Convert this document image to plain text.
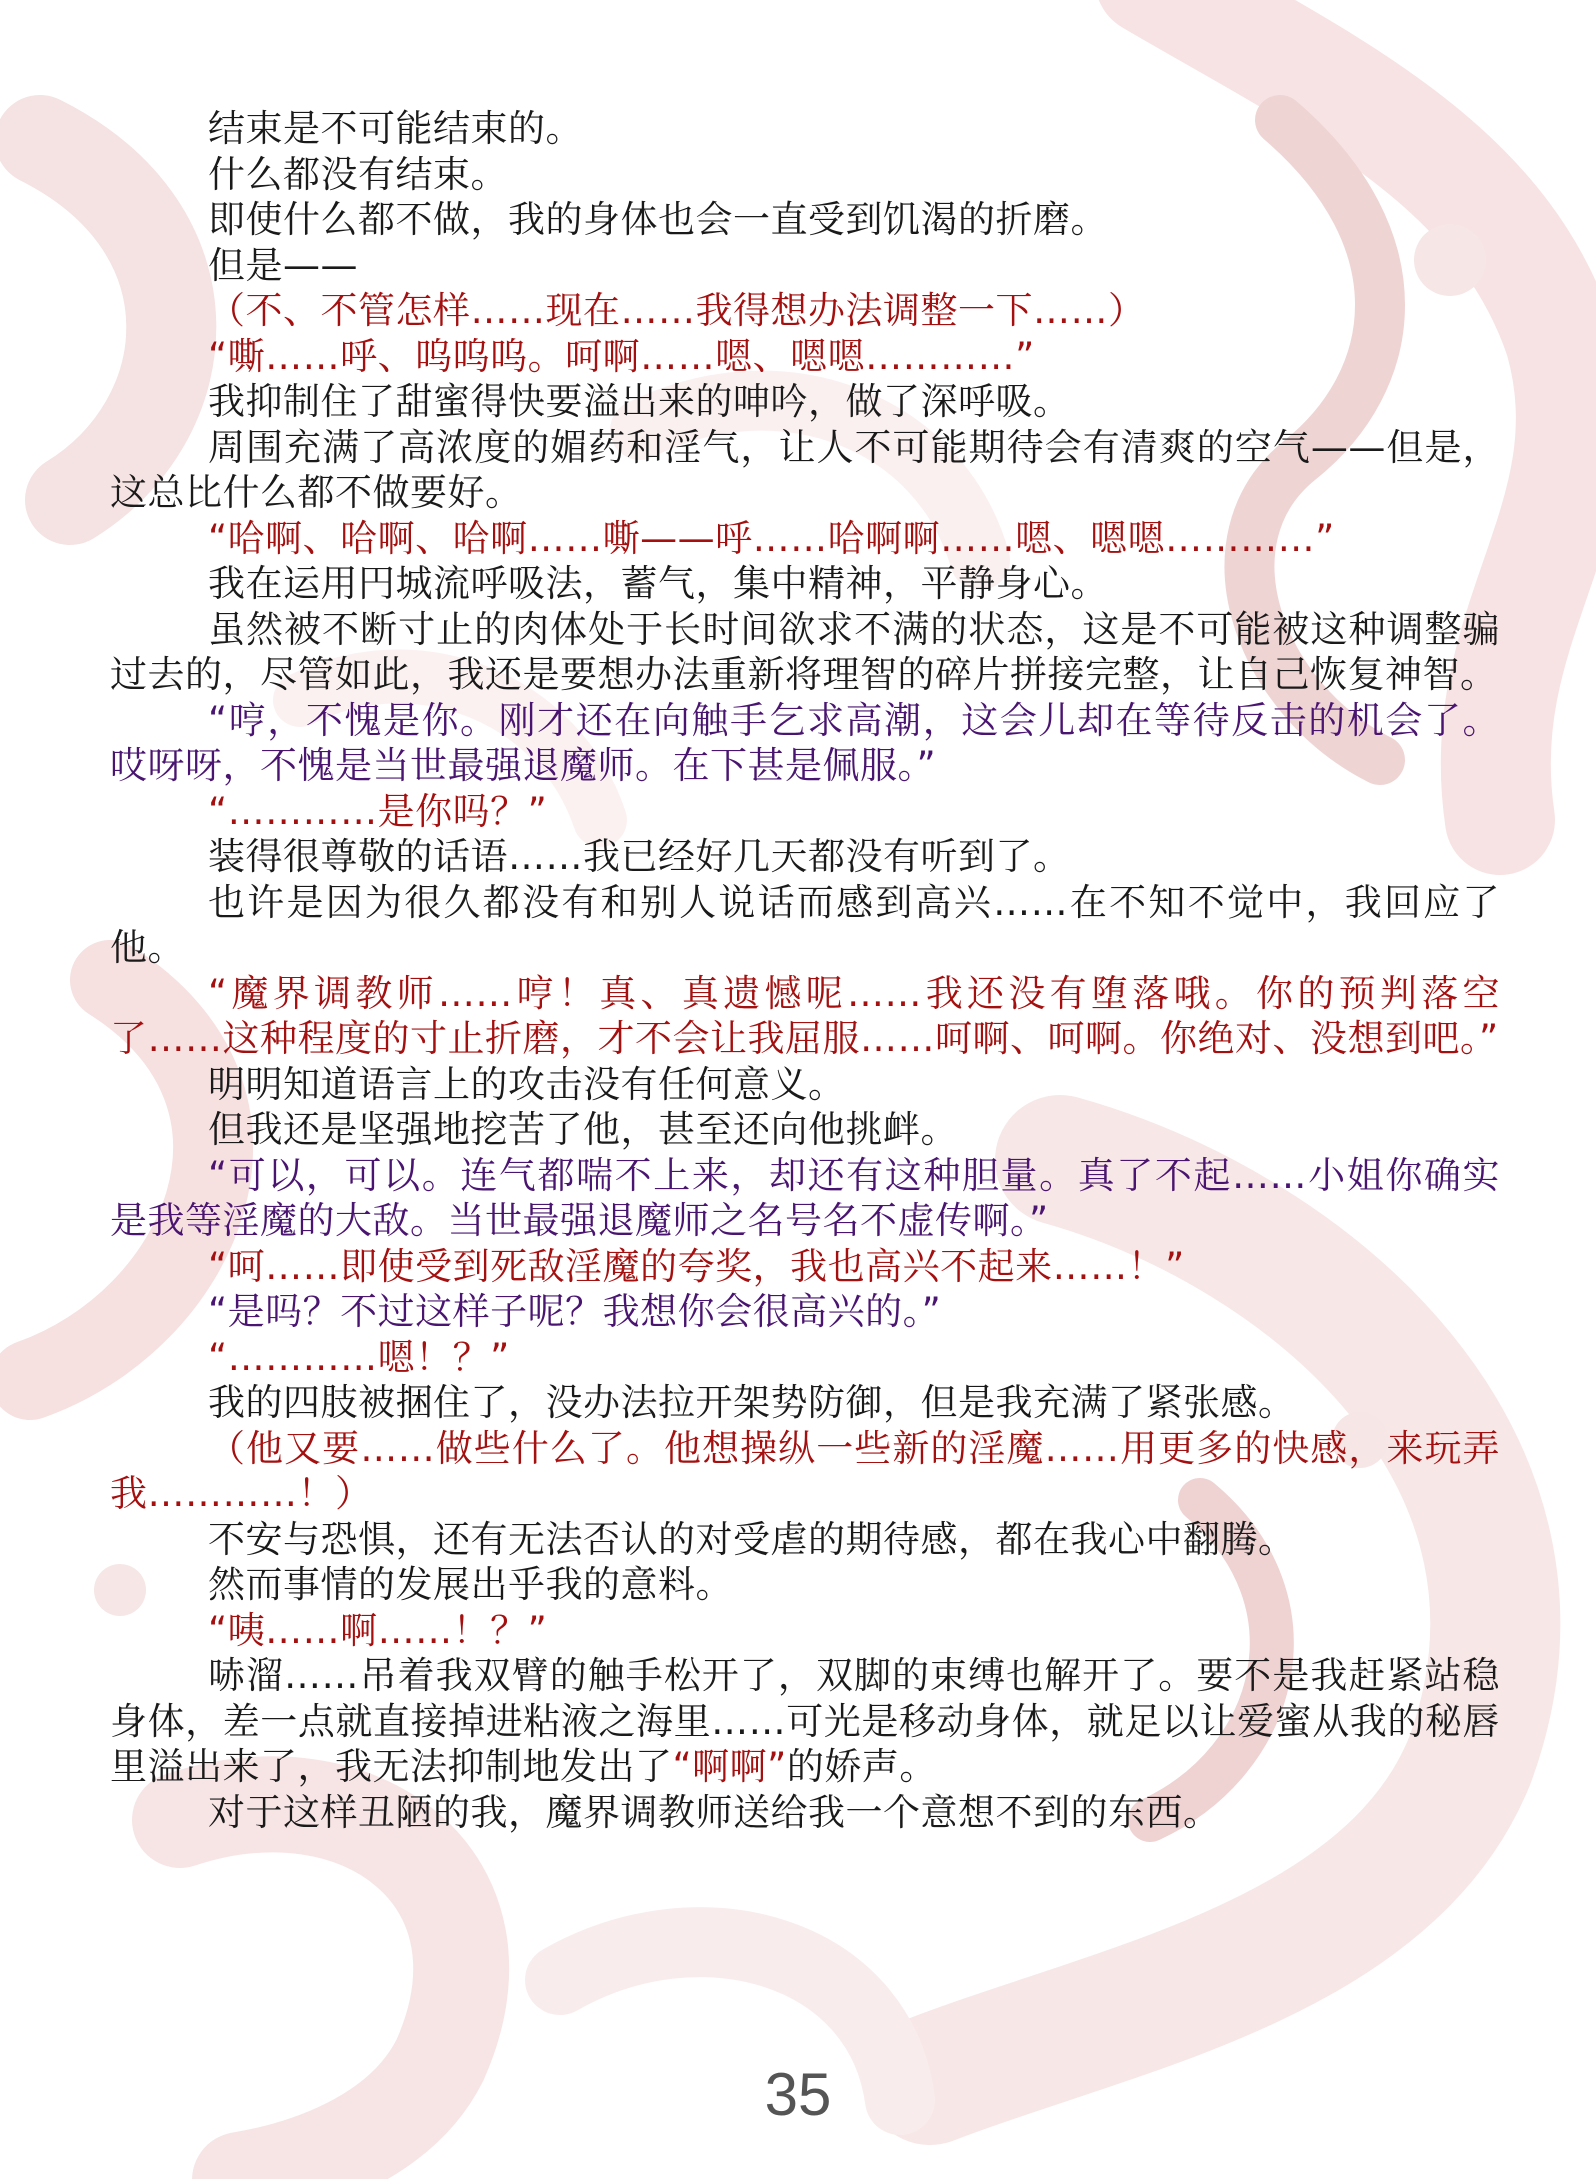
结束是不可能结束的。

什么都没有结束。

即使什么都不做，我的身体也会一直受到饥渴的折磨。

但是——

（不、不管怎样……现在……我得想办法调整一下……）

“嘶……呼、呜呜呜。呵啊……嗯、嗯嗯…………”

我抑制住了甜蜜得快要溢出来的呻吟，做了深呼吸。

周围充满了高浓度的媚药和淫气，让人不可能期待会有清爽的空气——但是，这总比什么都不做要好。

“哈啊、哈啊、哈啊……嘶——呼……哈啊啊……嗯、嗯嗯…………”

我在运用円城流呼吸法，蓄气，集中精神，平静身心。

虽然被不断寸止的肉体处于长时间欲求不满的状态，这是不可能被这种调整骗过去的，尽管如此，我还是要想办法重新将理智的碎片拼接完整，让自己恢复神智。

“哼，不愧是你。刚才还在向触手乞求高潮，这会儿却在等待反击的机会了。哎呀呀，不愧是当世最强退魔师。在下甚是佩服。”

“…………是你吗？”

装得很尊敬的话语……我已经好几天都没有听到了。

也许是因为很久都没有和别人说话而感到高兴……在不知不觉中，我回应了他。

“魔界调教师……哼！真、真遗憾呢……我还没有堕落哦。你的预判落空了……这种程度的寸止折磨，才不会让我屈服……呵啊、呵啊。你绝对、没想到吧。”

明明知道语言上的攻击没有任何意义。

但我还是坚强地挖苦了他，甚至还向他挑衅。

“可以，可以。连气都喘不上来，却还有这种胆量。真了不起……小姐你确实是我等淫魔的大敌。当世最强退魔师之名号名不虚传啊。”

“呵……即使受到死敌淫魔的夸奖，我也高兴不起来……！”

“是吗？不过这样子呢？我想你会很高兴的。”

“…………嗯！？”

我的四肢被捆住了，没办法拉开架势防御，但是我充满了紧张感。

（他又要……做些什么了。他想操纵一些新的淫魔……用更多的快感，来玩弄我…………！）

不安与恐惧，还有无法否认的对受虐的期待感，都在我心中翻腾。

然而事情的发展出乎我的意料。

“咦……啊……！？”

哧溜……吊着我双臂的触手松开了，双脚的束缚也解开了。要不是我赶紧站稳身体，差一点就直接掉进粘液之海里……可光是移动身体，就足以让爱蜜从我的秘唇里溢出来了，我无法抑制地发出了“啊啊”的娇声。

对于这样丑陋的我，魔界调教师送给我一个意想不到的东西。

35
